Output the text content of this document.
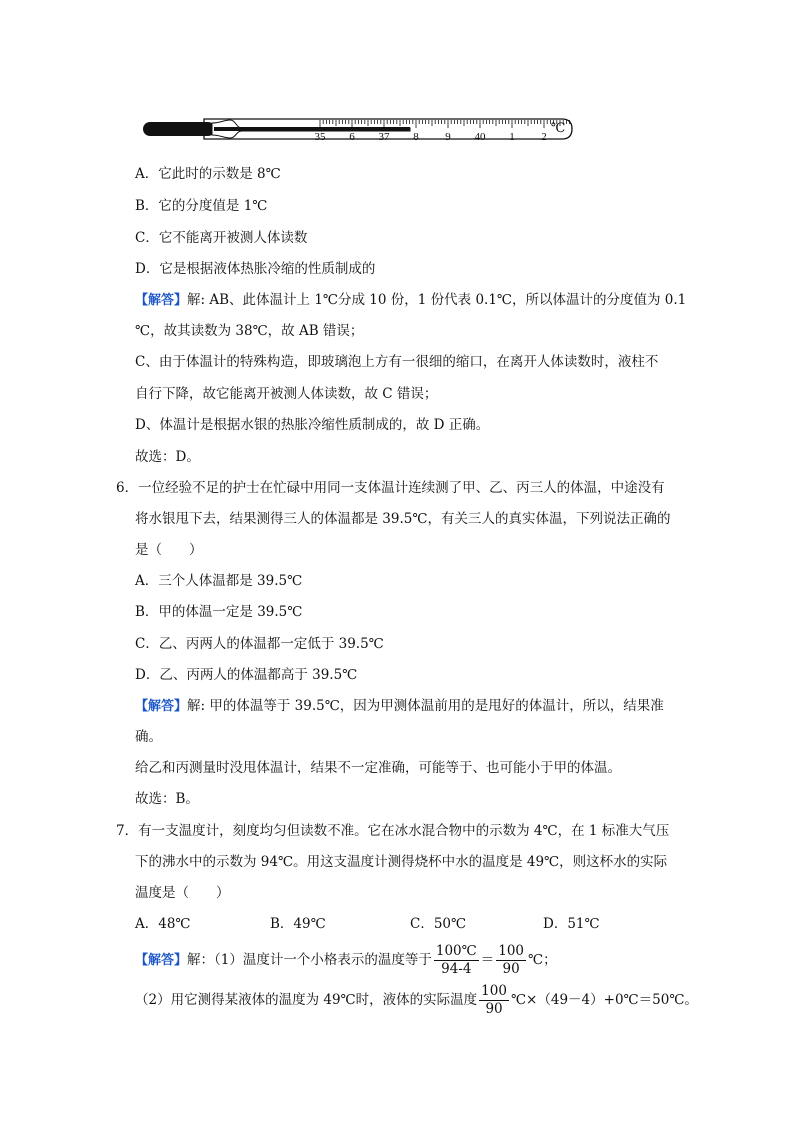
35 6 37 8 9 40 1 2
℃
A．它此时的示数是 8℃
B．它的分度值是 1℃
C．它不能离开被测人体读数
D．它是根据液体热胀冷缩的性质制成的
【解答】解: AB、此体温计上 1℃分成 10 份，1 份代表 0.1℃，所以体温计的分度值为 0.1
℃，故其读数为 38℃，故 AB 错误；
C、由于体温计的特殊构造，即玻璃泡上方有一很细的缩口，在离开人体读数时，液柱不
自行下降，故它能离开被测人体读数，故 C 错误；
D、体温计是根据水银的热胀冷缩性质制成的，故 D 正确。
故选：D。
6．一位经验不足的护士在忙碌中用同一支体温计连续测了甲、乙、丙三人的体温，中途没有
将水银甩下去，结果测得三人的体温都是 39.5℃，有关三人的真实体温，下列说法正确的
是（　　）
A．三个人体温都是 39.5℃
B．甲的体温一定是 39.5℃
C．乙、丙两人的体温都一定低于 39.5℃
D．乙、丙两人的体温都高于 39.5℃
【解答】解: 甲的体温等于 39.5℃，因为甲测体温前用的是甩好的体温计，所以，结果准
确。
给乙和丙测量时没甩体温计，结果不一定准确，可能等于、也可能小于甲的体温。
故选：B。
7．有一支温度计，刻度均匀但读数不准。它在冰水混合物中的示数为 4℃，在 1 标准大气压
下的沸水中的示数为 94℃。用这支温度计测得烧杯中水的温度是 49℃，则这杯水的实际
温度是（　　）
A．48℃	B．49℃	C．50℃	D．51℃
【解答】解：（1）温度计一个小格表示的温度等于 $\frac{100℃}{94-4} = \frac{100}{90}$ ℃；
（2）用它测得某液体的温度为 49℃时，液体的实际温度 $\frac{100}{90}$ ℃×（49－4）+0℃＝50℃。
